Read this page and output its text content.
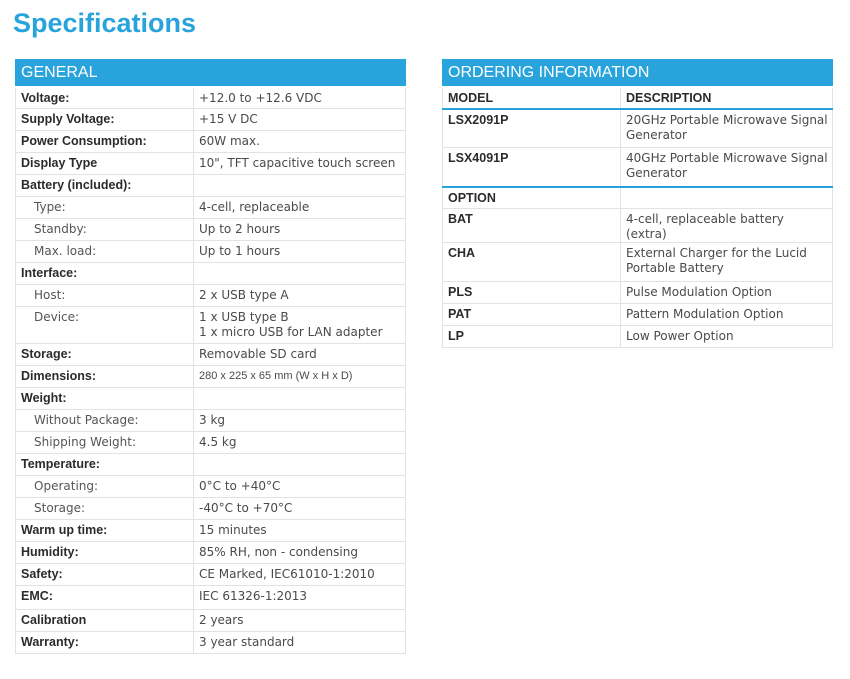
Specifications
GENERAL	
Voltage:	+12.0 to +12.6 VDC
Supply Voltage:	+15 V DC
Power Consumption:	60W max.
Display Type	10", TFT capacitive touch screen
Battery (included):	
Type:	4-cell, replaceable
Standby:	Up to 2 hours
Max. load:	Up to 1 hours
Interface:	
Host:	2 x USB type A
Device:	1 x USB type B
1 x micro USB for LAN adapter
Storage:	Removable SD card
Dimensions:	280 x 225 x 65 mm (W x H x D)
Weight:	
Without Package:	3 kg
Shipping Weight:	4.5 kg
Temperature:	
Operating:	0°C to +40°C
Storage:	-40°C to +70°C
Warm up time:	15 minutes
Humidity:	85% RH, non - condensing
Safety:	CE Marked, IEC61010-1:2010
EMC:	IEC 61326-1:2013
Calibration	2 years
Warranty:	3 year standard
ORDERING INFORMATION	
MODEL	DESCRIPTION
LSX2091P	20GHz Portable Microwave Signal Generator
LSX4091P	40GHz Portable Microwave Signal Generator
OPTION	
BAT	4-cell, replaceable battery (extra)
CHA	External Charger for the Lucid Portable Battery
PLS	Pulse Modulation Option
PAT	Pattern Modulation Option
LP	Low Power Option
